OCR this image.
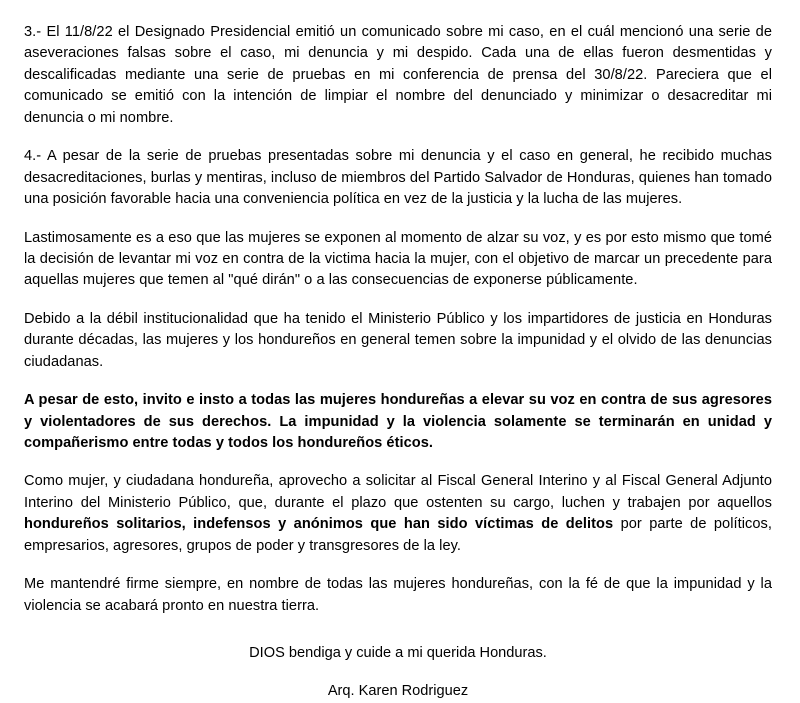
3.- El 11/8/22 el Designado Presidencial emitió un comunicado sobre mi caso, en el cuál mencionó una serie de aseveraciones falsas sobre el caso, mi denuncia y mi despido. Cada una de ellas fueron desmentidas y descalificadas mediante una serie de pruebas en mi conferencia de prensa del 30/8/22. Pareciera que el comunicado se emitió con la intención de limpiar el nombre del denunciado y minimizar o desacreditar mi denuncia o mi nombre.

4.- A pesar de la serie de pruebas presentadas sobre mi denuncia y el caso en general, he recibido muchas desacreditaciones, burlas y mentiras, incluso de miembros del Partido Salvador de Honduras, quienes han tomado una posición favorable hacia una conveniencia política en vez de la justicia y la lucha de las mujeres.

Lastimosamente es a eso que las mujeres se exponen al momento de alzar su voz, y es por esto mismo que tomé la decisión de levantar mi voz en contra de la victima hacia la mujer, con el objetivo de marcar un precedente para aquellas mujeres que temen al "qué dirán" o a las consecuencias de exponerse públicamente.

Debido a la débil institucionalidad que ha tenido el Ministerio Público y los impartidores de justicia en Honduras durante décadas, las mujeres y los hondureños en general temen sobre la impunidad y el olvido de las denuncias ciudadanas.

A pesar de esto, invito e insto a todas las mujeres hondureñas a elevar su voz en contra de sus agresores y violentadores de sus derechos. La impunidad y la violencia solamente se terminarán en unidad y compañerismo entre todas y todos los hondureños éticos.

Como mujer, y ciudadana hondureña, aprovecho a solicitar al Fiscal General Interino y al Fiscal General Adjunto Interino del Ministerio Público, que, durante el plazo que ostenten su cargo, luchen y trabajen por aquellos hondureños solitarios, indefensos y anónimos que han sido víctimas de delitos por parte de políticos, empresarios, agresores, grupos de poder y transgresores de la ley.

Me mantendré firme siempre, en nombre de todas las mujeres hondureñas, con la fé de que la impunidad y la violencia se acabará pronto en nuestra tierra.

DIOS bendiga y cuide a mi querida Honduras.

Arq. Karen Rodriguez
